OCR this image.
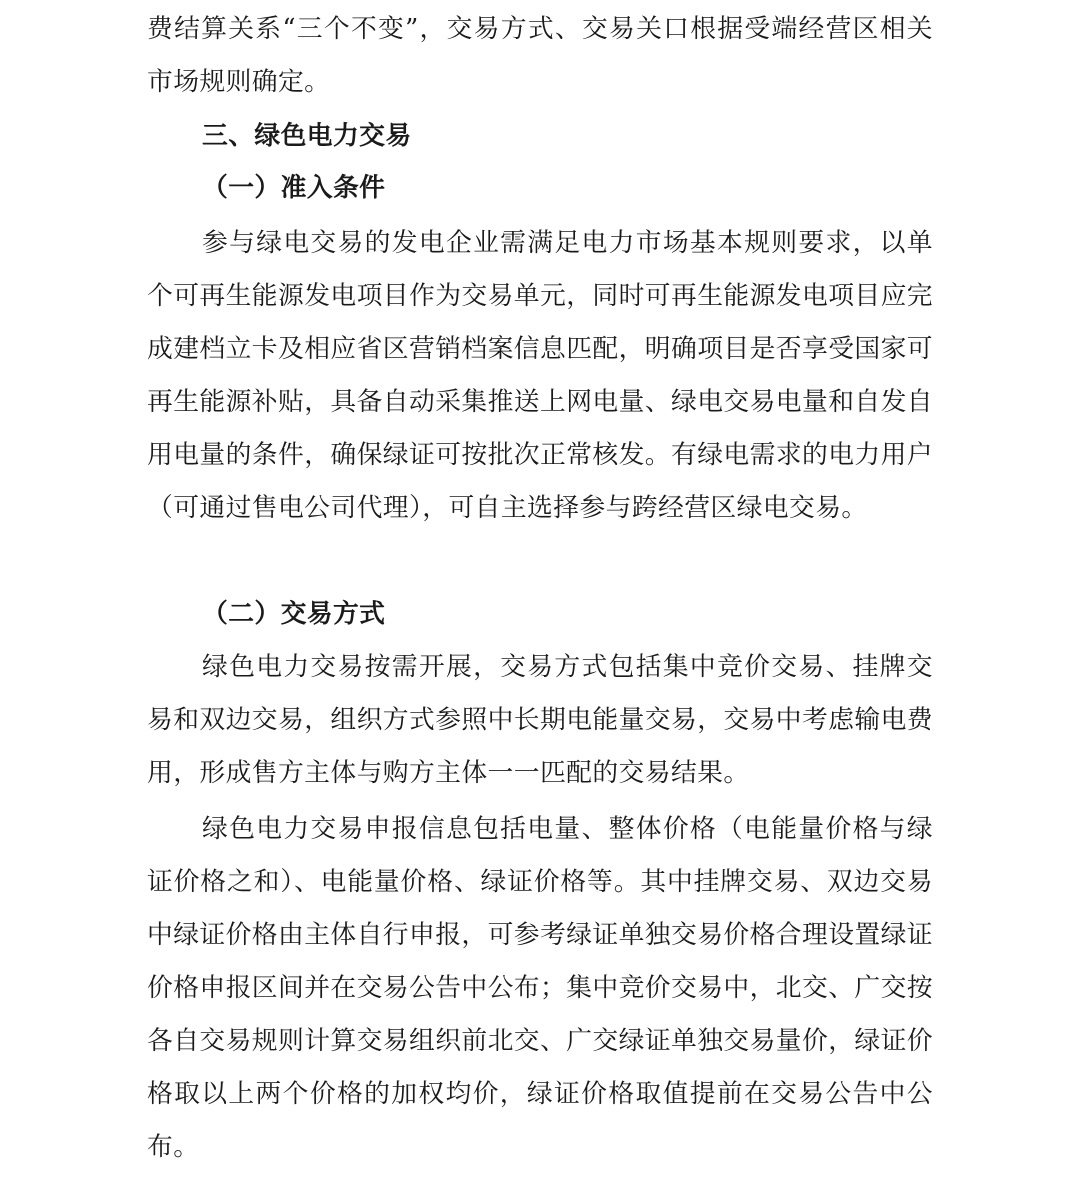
费结算关系“三个不变”，交易方式、交易关口根据受端经营区相关市场规则确定。

三、绿色电力交易

（一）准入条件

参与绿电交易的发电企业需满足电力市场基本规则要求，以单个可再生能源发电项目作为交易单元，同时可再生能源发电项目应完成建档立卡及相应省区营销档案信息匹配，明确项目是否享受国家可再生能源补贴，具备自动采集推送上网电量、绿电交易电量和自发自用电量的条件，确保绿证可按批次正常核发。有绿电需求的电力用户（可通过售电公司代理），可自主选择参与跨经营区绿电交易。

（二）交易方式

绿色电力交易按需开展，交易方式包括集中竞价交易、挂牌交易和双边交易，组织方式参照中长期电能量交易，交易中考虑输电费用，形成售方主体与购方主体一一匹配的交易结果。

绿色电力交易申报信息包括电量、整体价格（电能量价格与绿证价格之和）、电能量价格、绿证价格等。其中挂牌交易、双边交易中绿证价格由主体自行申报，可参考绿证单独交易价格合理设置绿证价格申报区间并在交易公告中公布；集中竞价交易中，北交、广交按各自交易规则计算交易组织前北交、广交绿证单独交易量价，绿证价格取以上两个价格的加权均价，绿证价格取值提前在交易公告中公布。
